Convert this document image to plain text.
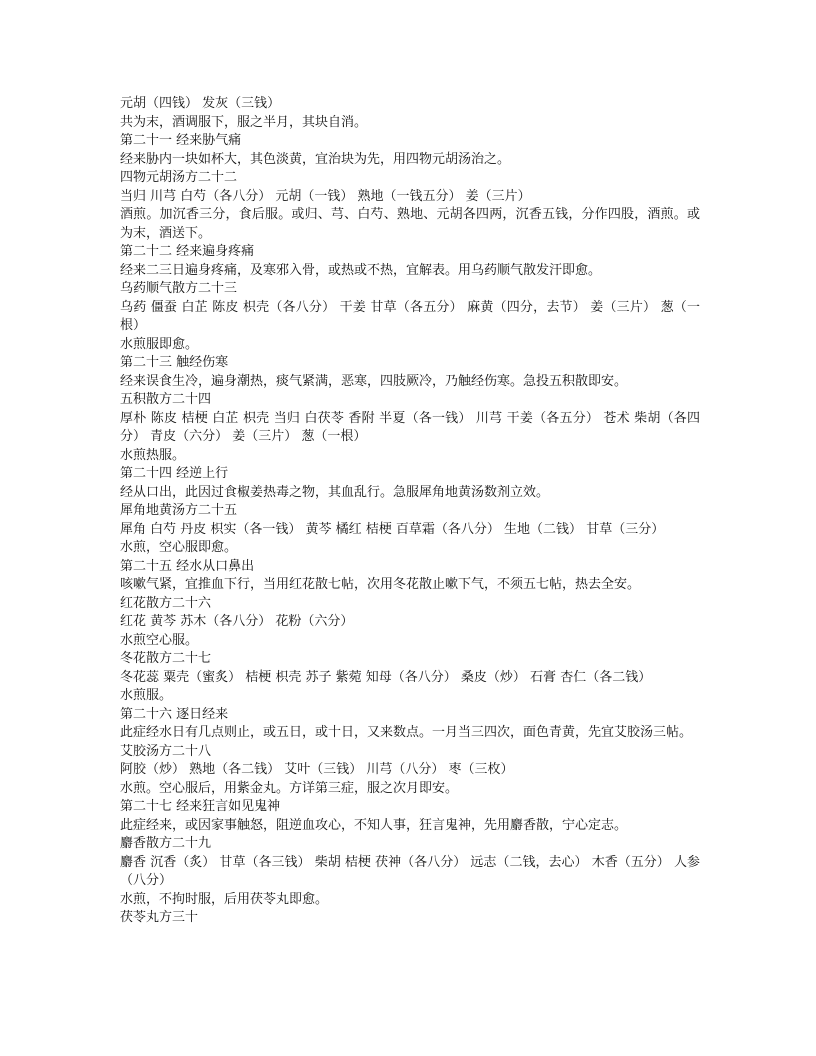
元胡（四钱） 发灰（三钱）

共为末，酒调服下，服之半月，其块自消。

第二十一 经来胁气痛

经来胁内一块如杯大，其色淡黄，宜治块为先，用四物元胡汤治之。

四物元胡汤方二十二

当归 川芎 白芍（各八分） 元胡（一钱） 熟地（一钱五分） 姜（三片）

酒煎。加沉香三分，食后服。或归、芎、白芍、熟地、元胡各四两，沉香五钱，分作四股，酒煎。或为末，酒送下。

第二十二 经来遍身疼痛

经来二三日遍身疼痛，及寒邪入骨，或热或不热，宜解表。用乌药顺气散发汗即愈。

乌药顺气散方二十三

乌药 僵蚕 白芷 陈皮 枳壳（各八分） 干姜 甘草（各五分） 麻黄（四分，去节） 姜（三片） 葱（一根）

水煎服即愈。

第二十三 触经伤寒

经来误食生冷，遍身潮热，痰气紧满，恶寒，四肢厥冷，乃触经伤寒。急投五积散即安。

五积散方二十四

厚朴 陈皮 桔梗 白芷 枳壳 当归 白茯苓 香附 半夏（各一钱） 川芎 干姜（各五分） 苍术 柴胡（各四分） 青皮（六分） 姜（三片） 葱（一根）

水煎热服。

第二十四 经逆上行

经从口出，此因过食椒姜热毒之物，其血乱行。急服犀角地黄汤数剂立效。

犀角地黄汤方二十五

犀角 白芍 丹皮 枳实（各一钱） 黄芩 橘红 桔梗 百草霜（各八分） 生地（二钱） 甘草（三分）

水煎，空心服即愈。

第二十五 经水从口鼻出

咳嗽气紧，宜推血下行，当用红花散七帖，次用冬花散止嗽下气，不须五七帖，热去全安。

红花散方二十六

红花 黄芩 苏木（各八分） 花粉（六分）

水煎空心服。

冬花散方二十七

冬花蕊 粟壳（蜜炙） 桔梗 枳壳 苏子 紫菀 知母（各八分） 桑皮（炒） 石膏 杏仁（各二钱）

水煎服。

第二十六 逐日经来

此症经水日有几点则止，或五日，或十日，又来数点。一月当三四次，面色青黄，先宜艾胶汤三帖。

艾胶汤方二十八

阿胶（炒） 熟地（各二钱） 艾叶（三钱） 川芎（八分） 枣（三枚）

水煎。空心服后，用紫金丸。方详第三症，服之次月即安。

第二十七 经来狂言如见鬼神

此症经来，或因家事触怒，阻逆血攻心，不知人事，狂言鬼神，先用麝香散，宁心定志。

麝香散方二十九

麝香 沉香（炙） 甘草（各三钱） 柴胡 桔梗 茯神（各八分） 远志（二钱，去心） 木香（五分） 人参（八分）

水煎，不拘时服，后用茯苓丸即愈。

茯苓丸方三十
